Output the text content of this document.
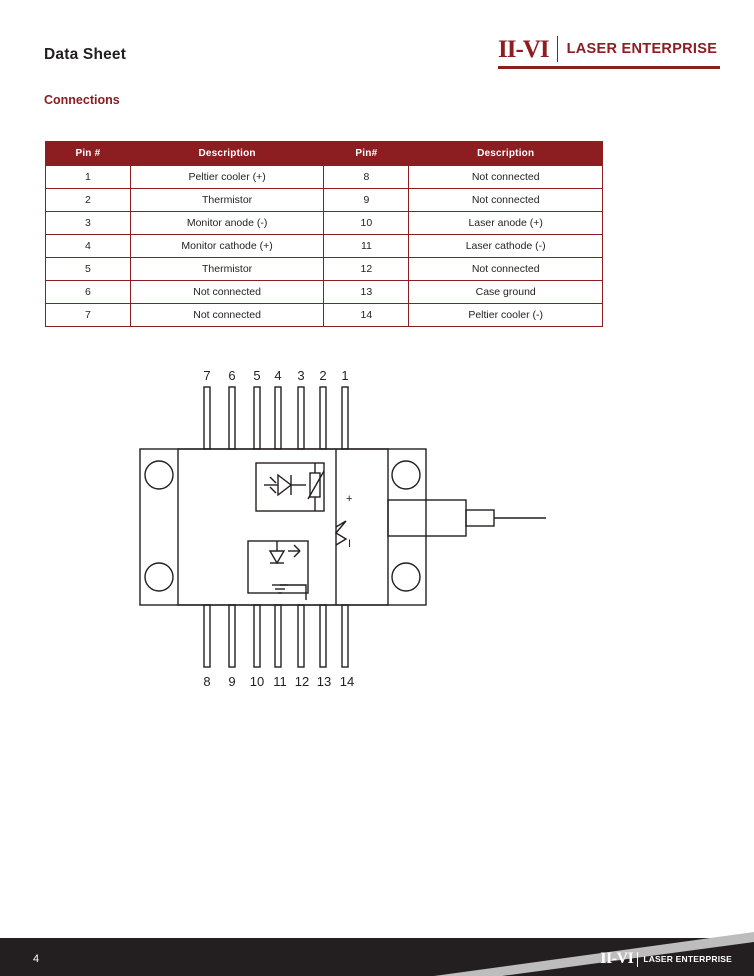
Data Sheet	II-VI	LASER ENTERPRISE
Connections
Pin #	Description	Pin#	Description
1	Peltier cooler (+)	8	Not connected
2	Thermistor	9	Not connected
3	Monitor anode (-)	10	Laser anode (+)
4	Monitor cathode (+)	11	Laser cathode (-)
5	Thermistor	12	Not connected
6	Not connected	13	Case ground
7	Not connected	14	Peltier cooler (-)
+
I
7 6 5 4 3 2 1
8 9 10 11 12 13 14
4	II-VI LASER ENTERPRISE
